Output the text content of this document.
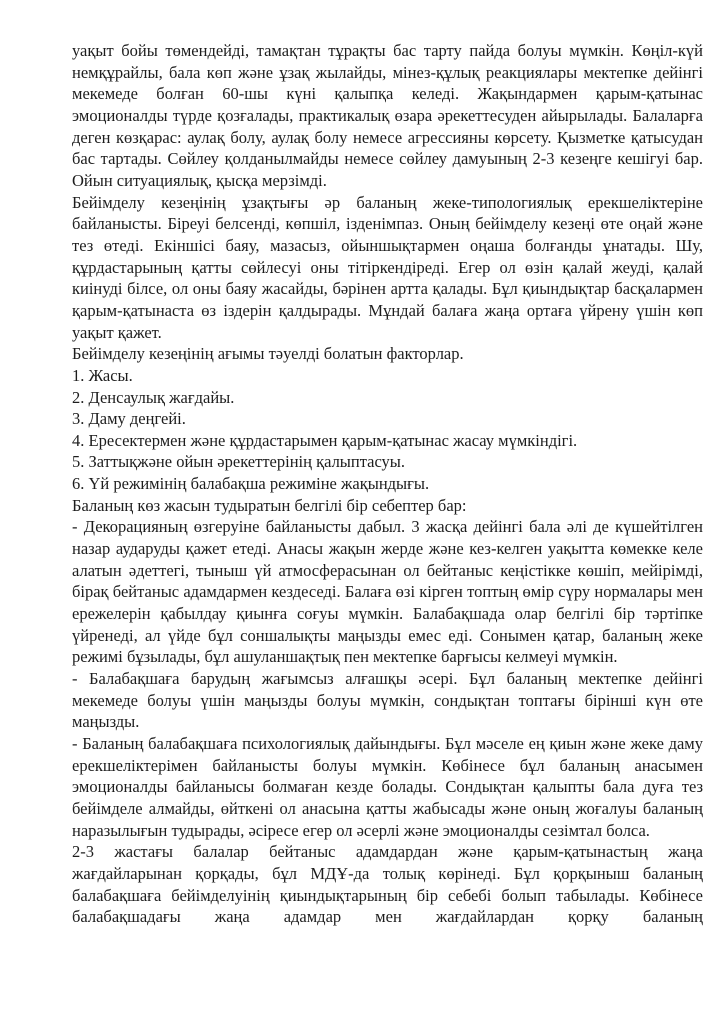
уақыт бойы төмендейді, тамақтан тұрақты бас тарту пайда болуы мүмкін. Көңіл-күй немқұрайлы, бала көп және ұзақ жылайды, мінез-құлық реакциялары мектепке дейінгі мекемеде болған 60-шы күні қалыпқа келеді. Жақындармен қарым-қатынас эмоционалды түрде қозғалады, практикалық өзара әрекеттесуден айырылады. Балаларға деген көзқарас: аулақ болу, аулақ болу немесе агрессияны көрсету. Қызметке қатысудан бас тартады. Сөйлеу қолданылмайды немесе сөйлеу дамуының 2-3 кезеңге кешігуі бар. Ойын ситуациялық, қысқа мерзімді.

Бейімделу кезеңінің ұзақтығы әр баланың жеке-типологиялық ерекшеліктеріне байланысты. Біреуі белсенді, көпшіл, ізденімпаз. Оның бейімделу кезеңі өте оңай және тез өтеді. Екіншісі баяу, мазасыз, ойыншықтармен оңаша болғанды ұнатады. Шу, құрдастарының қатты сөйлесуі оны тітіркендіреді. Егер ол өзін қалай жеуді, қалай киінуді білсе, ол оны баяу жасайды, бәрінен артта қалады. Бұл қиындықтар басқалармен қарым-қатынаста өз іздерін қалдырады. Мұндай балаға жаңа ортаға үйрену үшін көп уақыт қажет.

Бейімделу кезеңінің ағымы тәуелді болатын факторлар.

1. Жасы.

2. Денсаулық жағдайы.

3. Даму деңгейі.

4. Ересектермен және құрдастарымен қарым-қатынас жасау мүмкіндігі.

5. Заттықжәне ойын әрекеттерінің қалыптасуы.

6. Үй режимінің балабақша режиміне жақындығы.

Баланың көз жасын тудыратын белгілі бір себептер бар:

- Декорацияның өзгеруіне байланысты дабыл. 3 жасқа дейінгі бала әлі де күшейтілген назар аударуды қажет етеді. Анасы жақын жерде және кез-келген уақытта көмекке келе алатын әдеттегі, тыныш үй атмосферасынан ол бейтаныс кеңістікке көшіп, мейірімді, бірақ бейтаныс адамдармен кездеседі. Балаға өзі кірген топтың өмір сүру нормалары мен ережелерін қабылдау қиынға соғуы мүмкін. Балабақшада олар белгілі бір тәртіпке үйренеді, ал үйде бұл соншалықты маңызды емес еді. Сонымен қатар, баланың жеке режимі бұзылады, бұл ашуланшақтық пен мектепке барғысы келмеуі мүмкін.

- Балабақшаға барудың жағымсыз алғашқы әсері. Бұл баланың мектепке дейінгі мекемеде болуы үшін маңызды болуы мүмкін, сондықтан топтағы бірінші күн өте маңызды.

- Баланың балабақшаға психологиялық дайындығы. Бұл мәселе ең қиын және жеке даму ерекшеліктерімен байланысты болуы мүмкін. Көбінесе бұл баланың анасымен эмоционалды байланысы болмаған кезде болады. Сондықтан қалыпты бала дуға тез бейімделе алмайды, өйткені ол анасына қатты жабысады және оның жоғалуы баланың наразылығын тудырады, әсіресе егер ол әсерлі және эмоционалды сезімтал болса.

2-3 жастағы балалар бейтаныс адамдардан және қарым-қатынастың жаңа жағдайларынан қорқады, бұл МДҰ-да толық көрінеді. Бұл қорқыныш баланың балабақшаға бейімделуінің қиындықтарының бір себебі болып табылады. Көбінесе балабақшадағы жаңа адамдар мен жағдайлардан қорқу баланың
